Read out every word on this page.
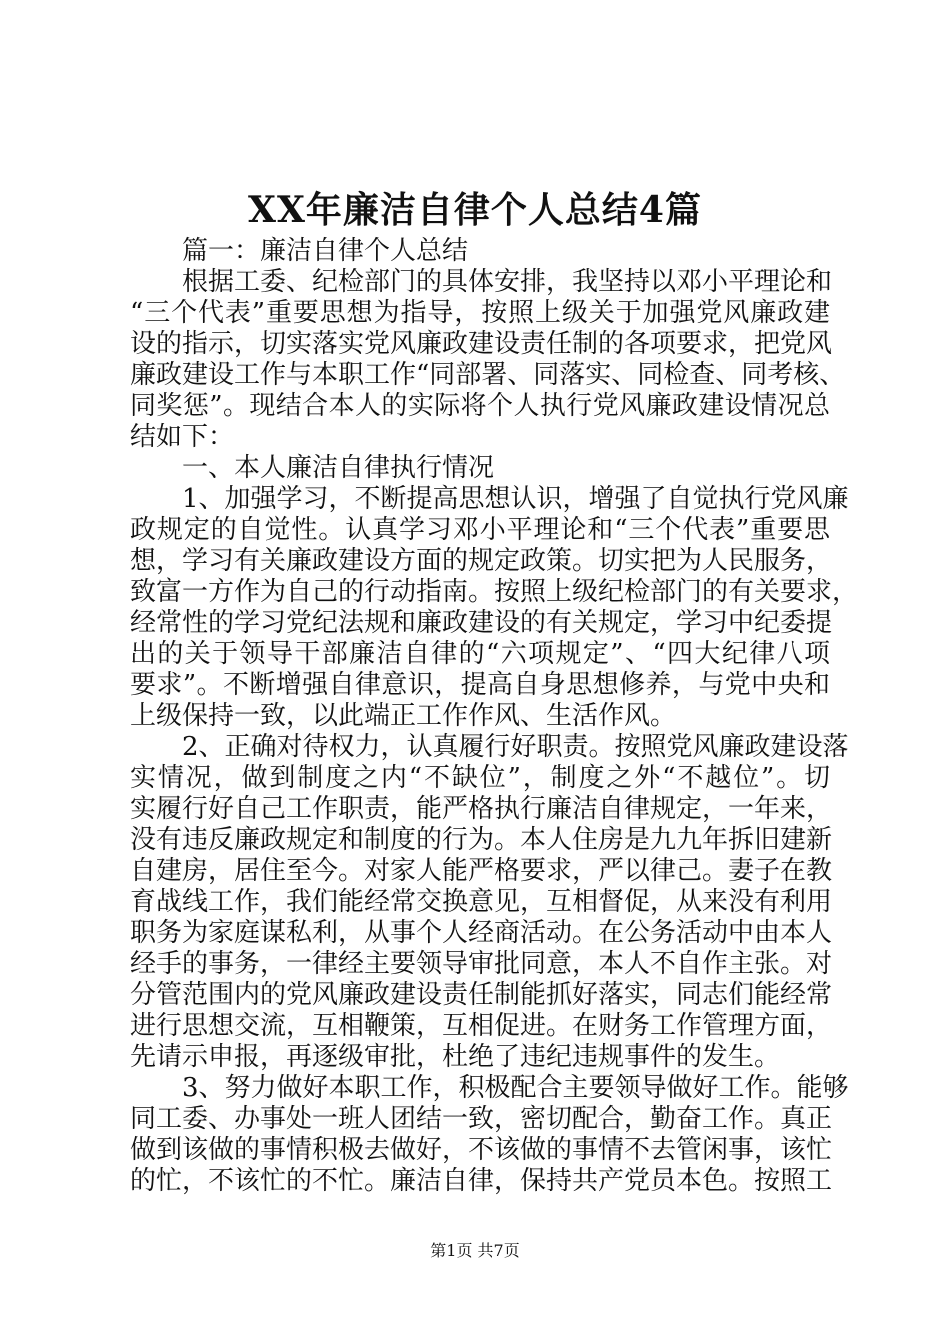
XX年廉洁自律个人总结4篇
篇一：廉洁自律个人总结
根据工委、纪检部门的具体安排，我坚持以邓小平理论和
“三个代表”重要思想为指导，按照上级关于加强党风廉政建
设的指示，切实落实党风廉政建设责任制的各项要求，把党风
廉政建设工作与本职工作“同部署、同落实、同检查、同考核、
同奖惩”。现结合本人的实际将个人执行党风廉政建设情况总
结如下：
一、本人廉洁自律执行情况
1、加强学习，不断提高思想认识，增强了自觉执行党风廉
政规定的自觉性。认真学习邓小平理论和“三个代表”重要思
想，学习有关廉政建设方面的规定政策。切实把为人民服务，
致富一方作为自己的行动指南。按照上级纪检部门的有关要求，
经常性的学习党纪法规和廉政建设的有关规定，学习中纪委提
出的关于领导干部廉洁自律的“六项规定”、“四大纪律八项
要求”。不断增强自律意识，提高自身思想修养，与党中央和
上级保持一致，以此端正工作作风、生活作风。
2、正确对待权力，认真履行好职责。按照党风廉政建设落
实情况，做到制度之内“不缺位”，制度之外“不越位”。切
实履行好自己工作职责，能严格执行廉洁自律规定，一年来，
没有违反廉政规定和制度的行为。本人住房是九九年拆旧建新
自建房，居住至今。对家人能严格要求，严以律己。妻子在教
育战线工作，我们能经常交换意见，互相督促，从来没有利用
职务为家庭谋私利，从事个人经商活动。在公务活动中由本人
经手的事务，一律经主要领导审批同意，本人不自作主张。对
分管范围内的党风廉政建设责任制能抓好落实，同志们能经常
进行思想交流，互相鞭策，互相促进。在财务工作管理方面，
先请示申报，再逐级审批，杜绝了违纪违规事件的发生。
3、努力做好本职工作，积极配合主要领导做好工作。能够
同工委、办事处一班人团结一致，密切配合，勤奋工作。真正
做到该做的事情积极去做好，不该做的事情不去管闲事，该忙
的忙，不该忙的不忙。廉洁自律，保持共产党员本色。按照工
第1页 共7页
